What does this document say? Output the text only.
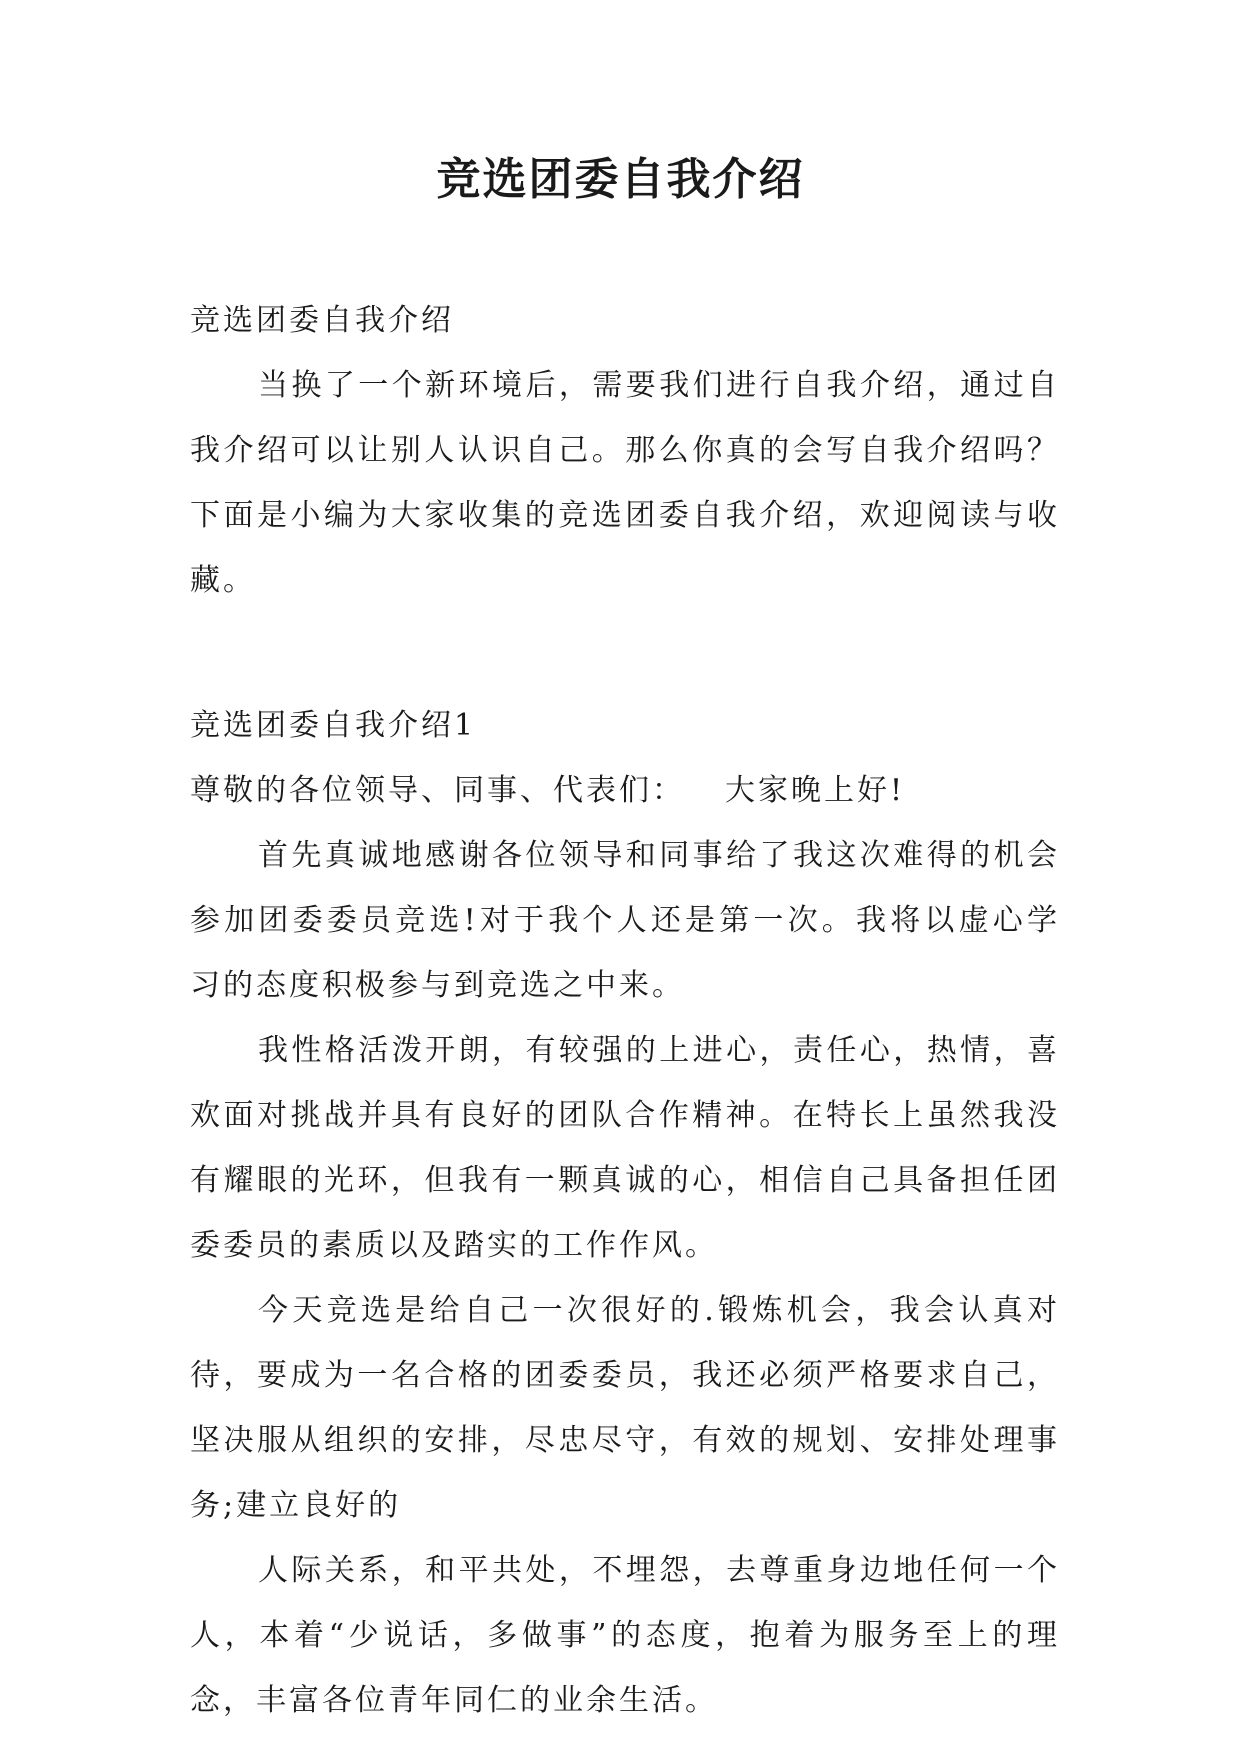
竞选团委自我介绍

竞选团委自我介绍

当换了一个新环境后，需要我们进行自我介绍，通过自我介绍可以让别人认识自己。那么你真的会写自我介绍吗？下面是小编为大家收集的竞选团委自我介绍，欢迎阅读与收藏。

竞选团委自我介绍1

尊敬的各位领导、同事、代表们： 大家晚上好!

首先真诚地感谢各位领导和同事给了我这次难得的机会参加团委委员竞选!对于我个人还是第一次。我将以虚心学习的态度积极参与到竞选之中来。

我性格活泼开朗，有较强的上进心，责任心，热情，喜欢面对挑战并具有良好的团队合作精神。在特长上虽然我没有耀眼的光环，但我有一颗真诚的心，相信自己具备担任团委委员的素质以及踏实的工作作风。

今天竞选是给自己一次很好的.锻炼机会，我会认真对待，要成为一名合格的团委委员，我还必须严格要求自己，坚决服从组织的安排，尽忠尽守，有效的规划、安排处理事务;建立良好的

人际关系，和平共处，不埋怨，去尊重身边地任何一个人，本着“少说话，多做事”的态度，抱着为服务至上的理念，丰富各位青年同仁的业余生活。
